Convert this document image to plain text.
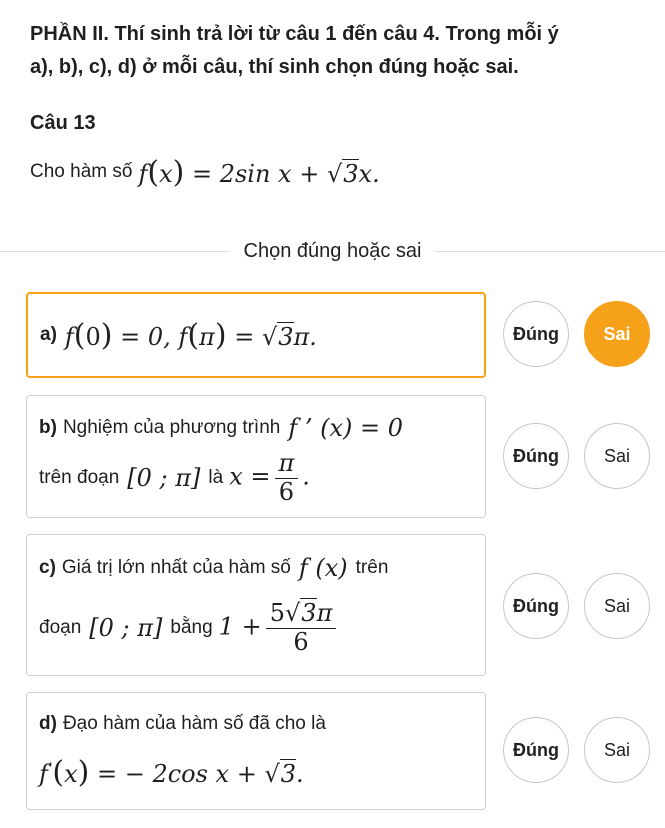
PHẦN II. Thí sinh trả lời từ câu 1 đến câu 4. Trong mỗi ý
a), b), c), d) ở mỗi câu, thí sinh chọn đúng hoặc sai.
Câu 13
Cho hàm số f(x) = 2sin x + √3x.
Chọn đúng hoặc sai
a) f(0) = 0, f(π) = √3π.	Đúng	Sai
b) Nghiệm của phương trình f ’ (x) = 0
trên đoạn [0 ; π] là $x = \frac{\pi}{6}$ .
Đúng	Sai
c) Giá trị lớn nhất của hàm số f (x) trên
đoạn [0 ; π] bằng $1 + \frac{5√3\pi}{6}$	Đúng	Sai
d) Đạo hàm của hàm số đã cho là
f’(x) = − 2cos x + √3.
Đúng	Sai
